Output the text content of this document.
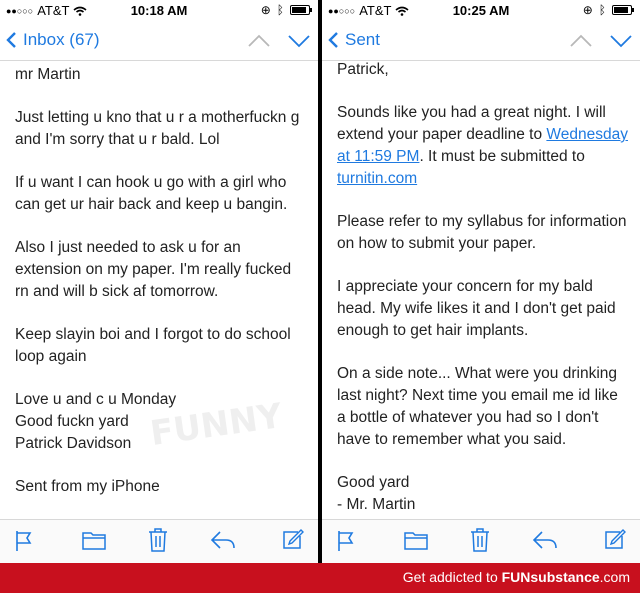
●●○○○ AT&T	10:18 AM	⊕ ᛒ
Inbox (67)

mr Martin

Just letting u kno that u r a motherfuckn g and I'm sorry that u r bald. Lol

If u want I can hook u go with a girl who can get ur hair back and keep u bangin.

Also I just needed to ask u for an extension on my paper. I'm really fucked rn and will b sick af tomorrow.

Keep slayin boi and I forgot to do school loop again

Love u and c u Monday
Good fuckn yard
Patrick Davidson

Sent from my iPhone

FUNNY
●●○○○ AT&T	10:25 AM	⊕ ᛒ
Sent

Patrick,

Sounds like you had a great night. I will extend your paper deadline to Wednesday at 11:59 PM. It must be submitted to turnitin.com

Please refer to my syllabus for information on how to submit your paper.

I appreciate your concern for my bald head. My wife likes it and I don't get paid enough to get hair implants.

On a side note... What were you drinking last night? Next time you email me id like a bottle of whatever you had so I don't have to remember what you said.

Good yard
- Mr. Martin

Get addicted to FUNsubstance.com
